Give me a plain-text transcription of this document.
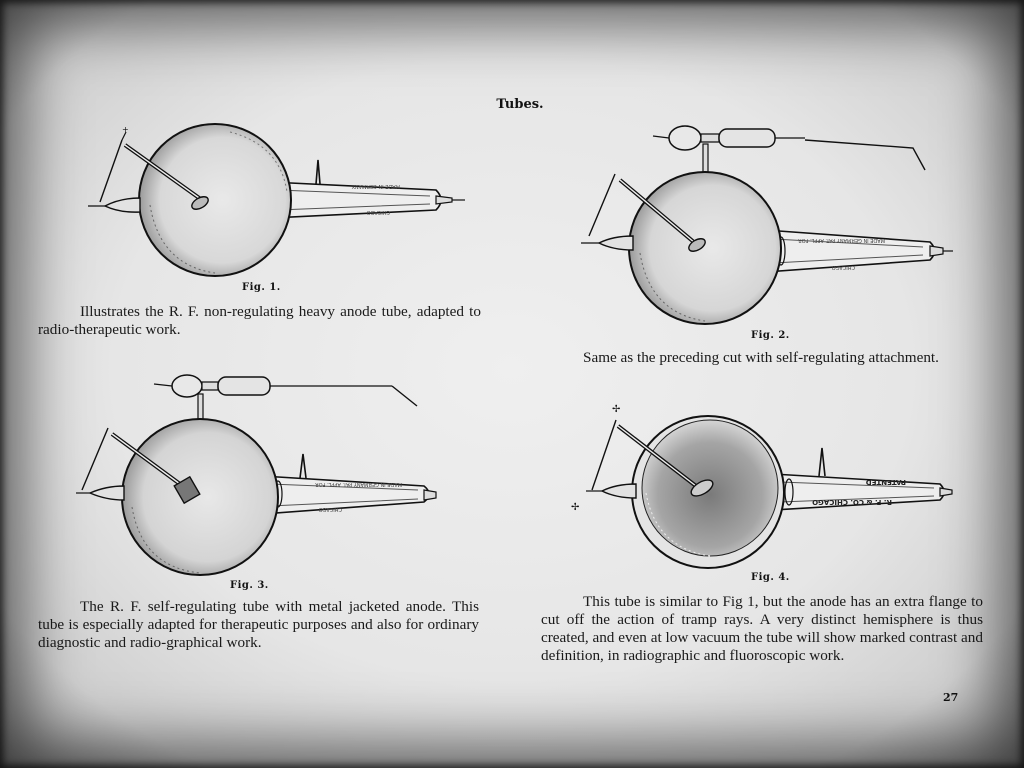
Tubes.
MADE IN GERMANY
CHICAGO
+
Fig. 1.

Illustrates the R. F. non-regulating heavy anode tube, adapted to radio-therapeutic work.

MADE IN GERMANY PAT. APPL. FOR
CHICAGO
Fig. 2.

Same as the preceding cut with self-regulating attachment.

MADE IN GERMANY PAT. APPL. FOR
CHICAGO
Fig. 3.

The R. F. self-regulating tube with metal jacketed anode. This tube is especially adapted for therapeutic purposes and also for ordinary diagnostic and radio-graphical work.

PATENTED
R. F. & CO. CHICAGO
✢
✢
Fig. 4.

This tube is similar to Fig 1, but the anode has an extra flange to cut off the action of tramp rays. A very distinct hemisphere is thus created, and even at low vacuum the tube will show marked contrast and definition, in radiographic and fluoroscopic work.

27
